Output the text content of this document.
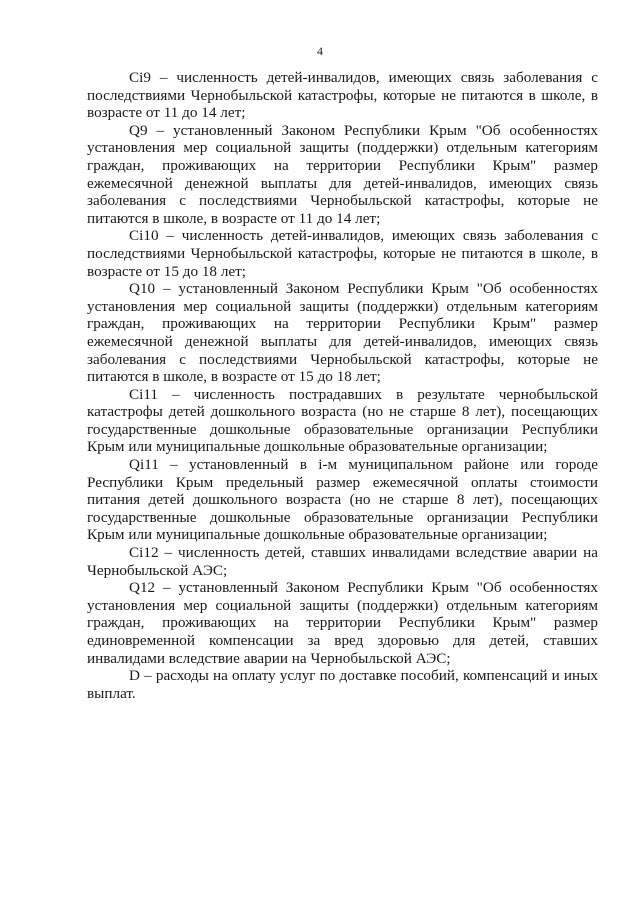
4

Ci9 – численность детей-инвалидов, имеющих связь заболевания с последствиями Чернобыльской катастрофы, которые не питаются в школе, в возрасте от 11 до 14 лет;

Q9 – установленный Законом Республики Крым "Об особенностях установления мер социальной защиты (поддержки) отдельным категориям граждан, проживающих на территории Республики Крым" размер ежемесячной денежной выплаты для детей-инвалидов, имеющих связь заболевания с последствиями Чернобыльской катастрофы, которые не питаются в школе, в возрасте от 11 до 14 лет;

Ci10 – численность детей-инвалидов, имеющих связь заболевания с последствиями Чернобыльской катастрофы, которые не питаются в школе, в возрасте от 15 до 18 лет;

Q10 – установленный Законом Республики Крым "Об особенностях установления мер социальной защиты (поддержки) отдельным категориям граждан, проживающих на территории Республики Крым" размер ежемесячной денежной выплаты для детей-инвалидов, имеющих связь заболевания с последствиями Чернобыльской катастрофы, которые не питаются в школе, в возрасте от 15 до 18 лет;

Ci11 – численность пострадавших в результате чернобыльской катастрофы детей дошкольного возраста (но не старше 8 лет), посещающих государственные дошкольные образовательные организации Республики Крым или муниципальные дошкольные образовательные организации;

Qi11 – установленный в i-м муниципальном районе или городе Республики Крым предельный размер ежемесячной оплаты стоимости питания детей дошкольного возраста (но не старше 8 лет), посещающих государственные дошкольные образовательные организации Республики Крым или муниципальные дошкольные образовательные организации;

Ci12 – численность детей, ставших инвалидами вследствие аварии на Чернобыльской АЭС;

Q12 – установленный Законом Республики Крым "Об особенностях установления мер социальной защиты (поддержки) отдельным категориям граждан, проживающих на территории Республики Крым" размер единовременной компенсации за вред здоровью для детей, ставших инвалидами вследствие аварии на Чернобыльской АЭС;

D – расходы на оплату услуг по доставке пособий, компенсаций и иных выплат.
